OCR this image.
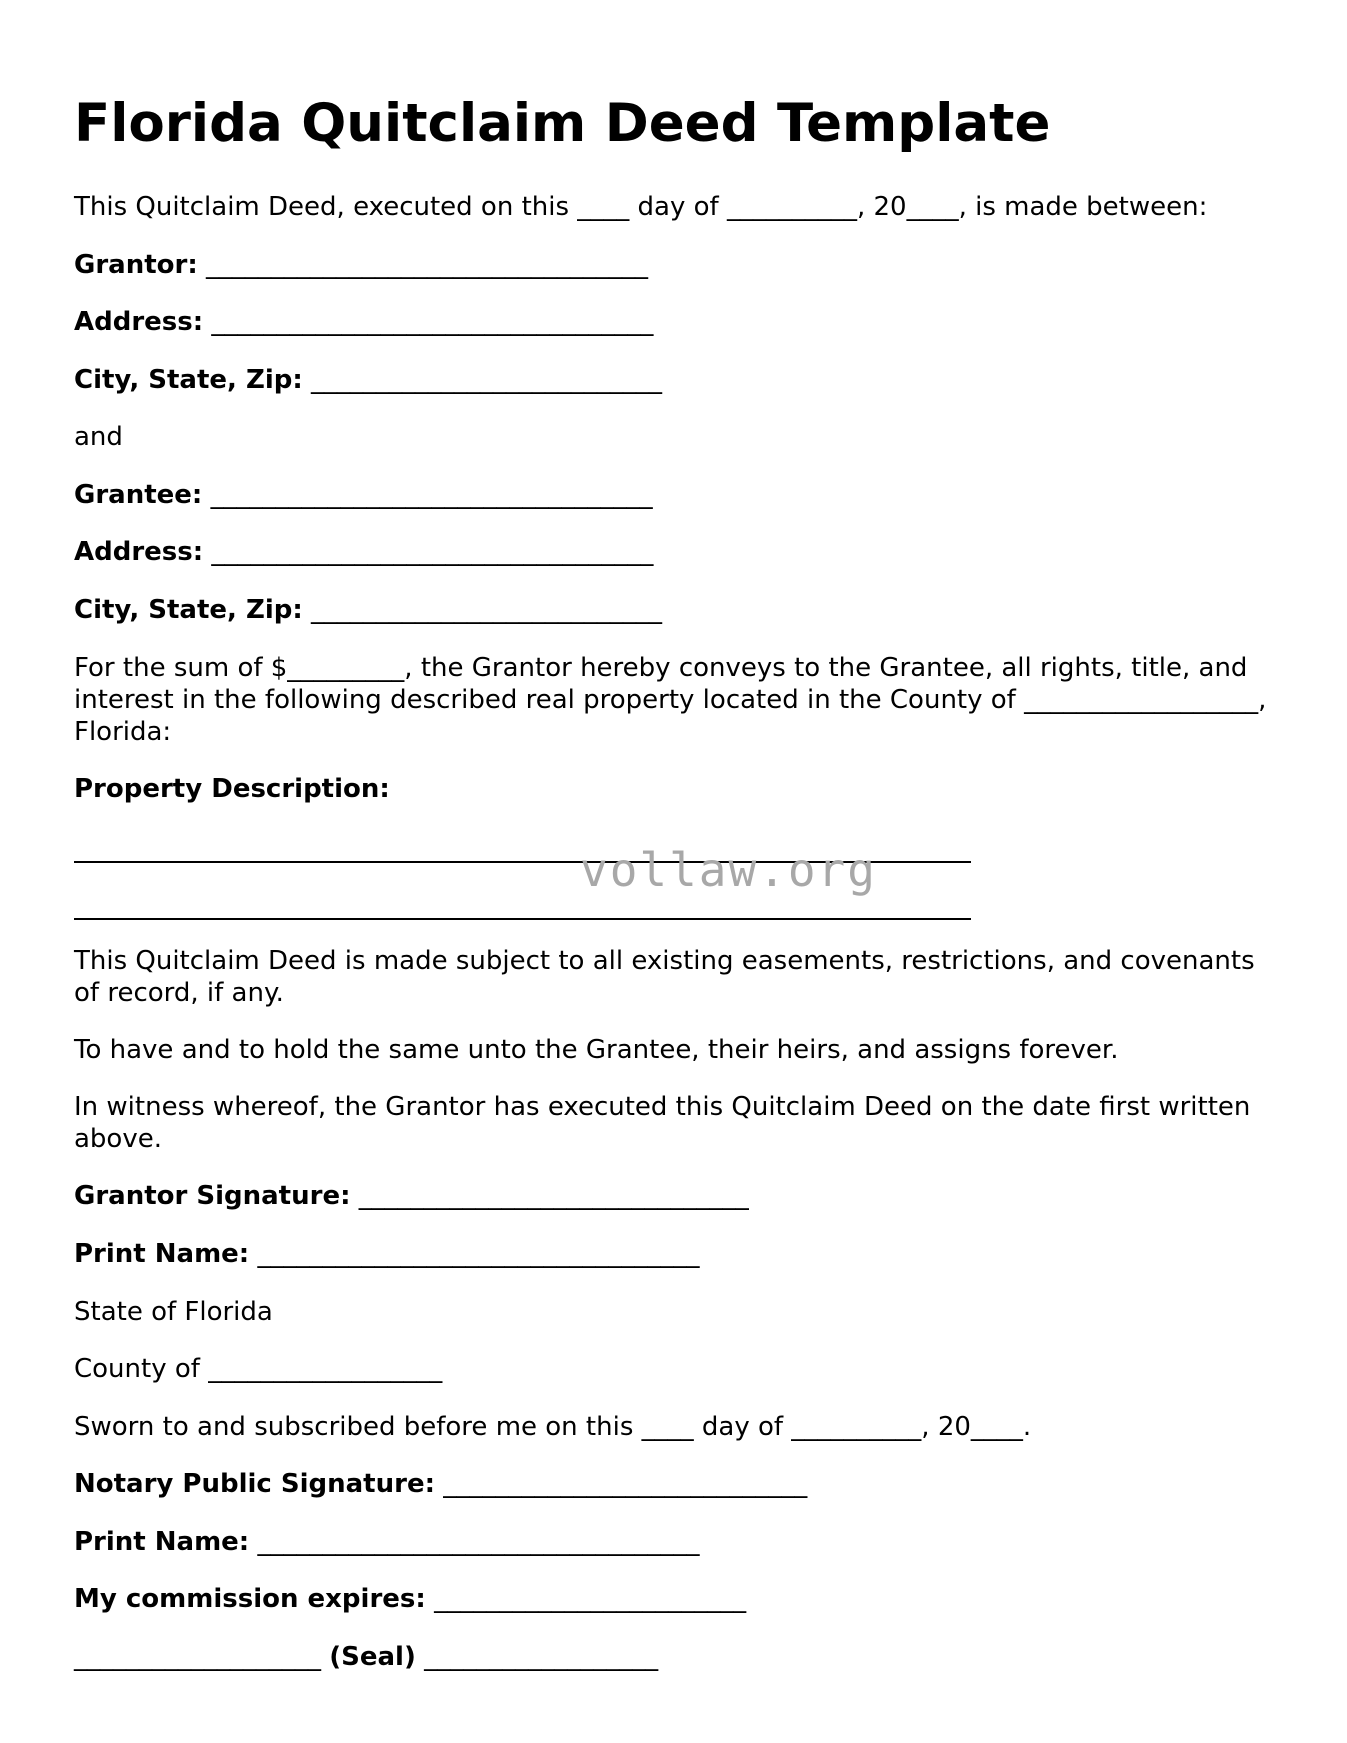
Florida Quitclaim Deed Template

This Quitclaim Deed, executed on this ____ day of __________, 20____, is made between:

Grantor: __________________________________

Address: __________________________________

City, State, Zip: ___________________________

and

Grantee: __________________________________

Address: __________________________________

City, State, Zip: ___________________________

For the sum of $_________, the Grantor hereby conveys to the Grantee, all rights, title, and interest in the following described real property located in the County of __________________, Florida:

Property Description:

vollaw.org

This Quitclaim Deed is made subject to all existing easements, restrictions, and covenants of record, if any.

To have and to hold the same unto the Grantee, their heirs, and assigns forever.

In witness whereof, the Grantor has executed this Quitclaim Deed on the date first written above.

Grantor Signature: ______________________________

Print Name: __________________________________

State of Florida

County of __________________

Sworn to and subscribed before me on this ____ day of __________, 20____.

Notary Public Signature: ____________________________

Print Name: __________________________________

My commission expires: ________________________

___________________ (Seal) __________________
